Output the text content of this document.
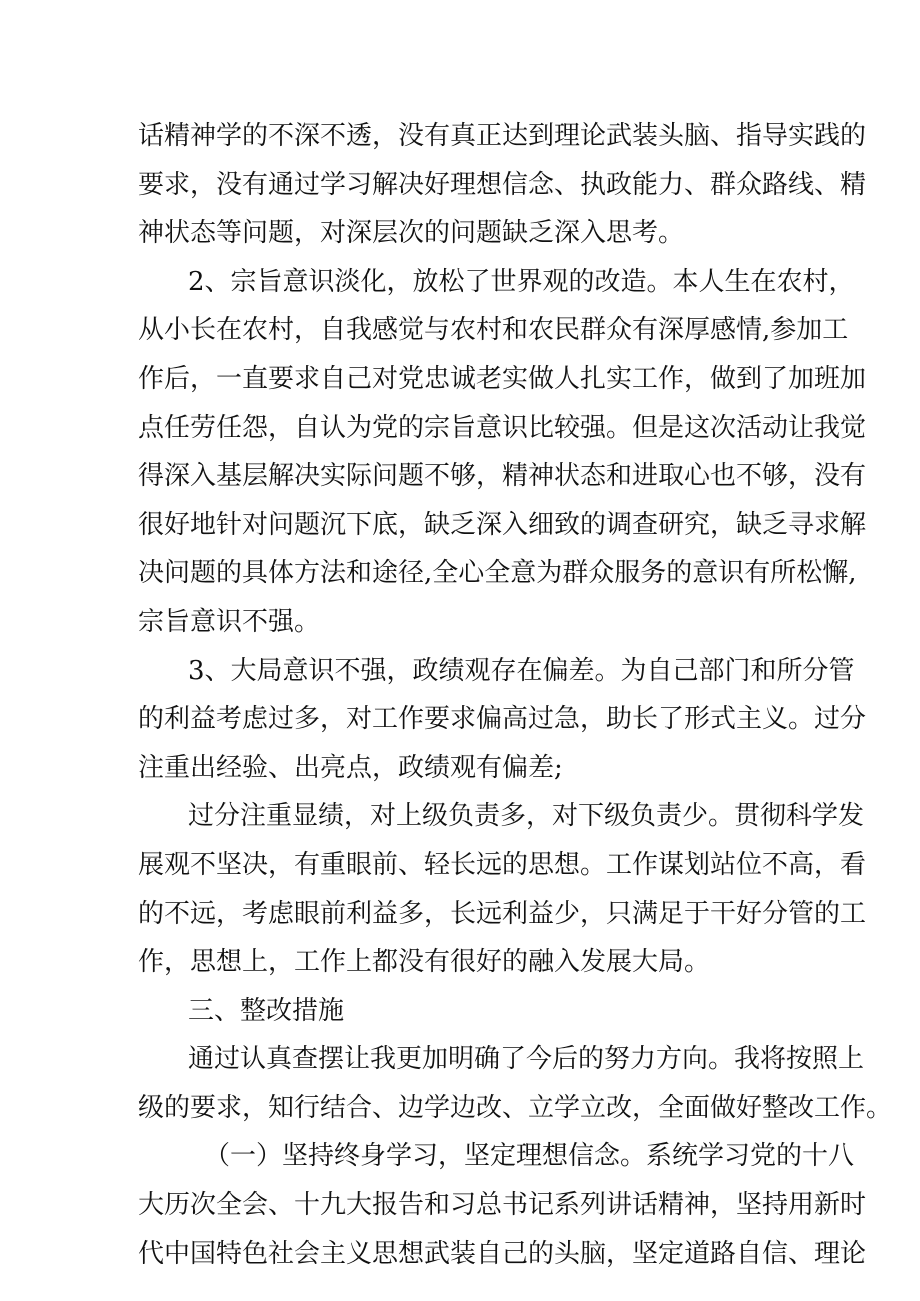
话精神学的不深不透，没有真正达到理论武装头脑、指导实践的
要求，没有通过学习解决好理想信念、执政能力、群众路线、精
神状态等问题，对深层次的问题缺乏深入思考。
2、宗旨意识淡化，放松了世界观的改造。本人生在农村，
从小长在农村，自我感觉与农村和农民群众有深厚感情,参加工
作后，一直要求自己对党忠诚老实做人扎实工作，做到了加班加
点任劳任怨，自认为党的宗旨意识比较强。但是这次活动让我觉
得深入基层解决实际问题不够，精神状态和进取心也不够，没有
很好地针对问题沉下底，缺乏深入细致的调查研究，缺乏寻求解
决问题的具体方法和途径,全心全意为群众服务的意识有所松懈,
宗旨意识不强。
3、大局意识不强，政绩观存在偏差。为自己部门和所分管
的利益考虑过多，对工作要求偏高过急，助长了形式主义。过分
注重出经验、出亮点，政绩观有偏差;
过分注重显绩，对上级负责多，对下级负责少。贯彻科学发
展观不坚决，有重眼前、轻长远的思想。工作谋划站位不高，看
的不远，考虑眼前利益多，长远利益少，只满足于干好分管的工
作，思想上，工作上都没有很好的融入发展大局。
三、整改措施
通过认真查摆让我更加明确了今后的努力方向。我将按照上
级的要求，知行结合、边学边改、立学立改，全面做好整改工作。
（一）坚持终身学习，坚定理想信念。系统学习党的十八
大历次全会、十九大报告和习总书记系列讲话精神，坚持用新时
代中国特色社会主义思想武装自己的头脑，坚定道路自信、理论
